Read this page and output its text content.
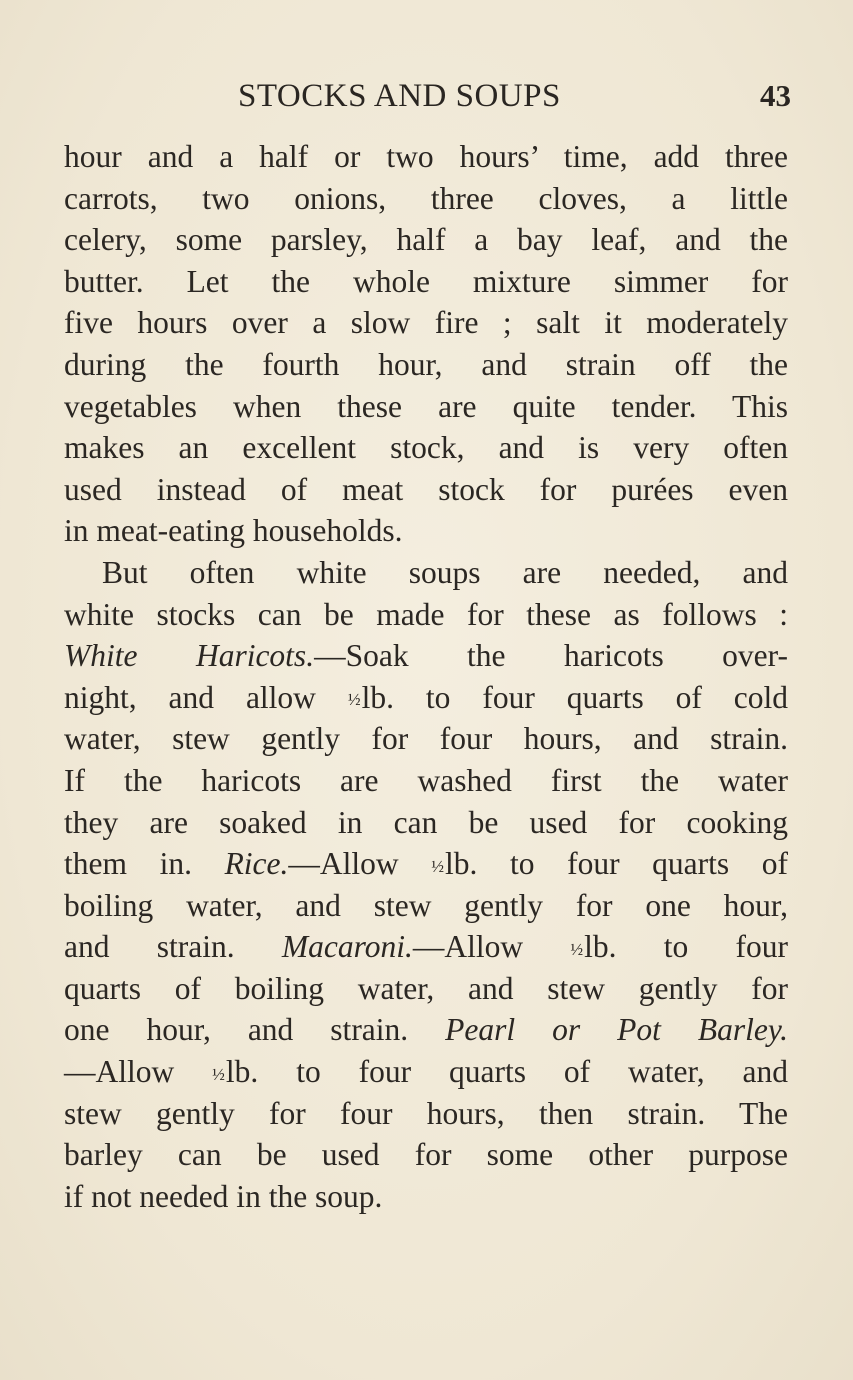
STOCKS AND SOUPS	43
hour and a half or two hours’ time, add three
carrots, two onions, three cloves, a little
celery, some parsley, half a bay leaf, and the
butter. Let the whole mixture simmer for
five hours over a slow fire ; salt it moderately
during the fourth hour, and strain off the
vegetables when these are quite tender. This
makes an excellent stock, and is very often
used instead of meat stock for purées even
in meat-eating households.
But often white soups are needed, and
white stocks can be made for these as follows :
White Haricots.—Soak the haricots over-
night, and allow ½lb. to four quarts of cold
water, stew gently for four hours, and strain.
If the haricots are washed first the water
they are soaked in can be used for cooking
them in. Rice.—Allow ½lb. to four quarts of
boiling water, and stew gently for one hour,
and strain. Macaroni.—Allow ½lb. to four
quarts of boiling water, and stew gently for
one hour, and strain. Pearl or Pot Barley.
—Allow ½lb. to four quarts of water, and
stew gently for four hours, then strain. The
barley can be used for some other purpose
if not needed in the soup.
